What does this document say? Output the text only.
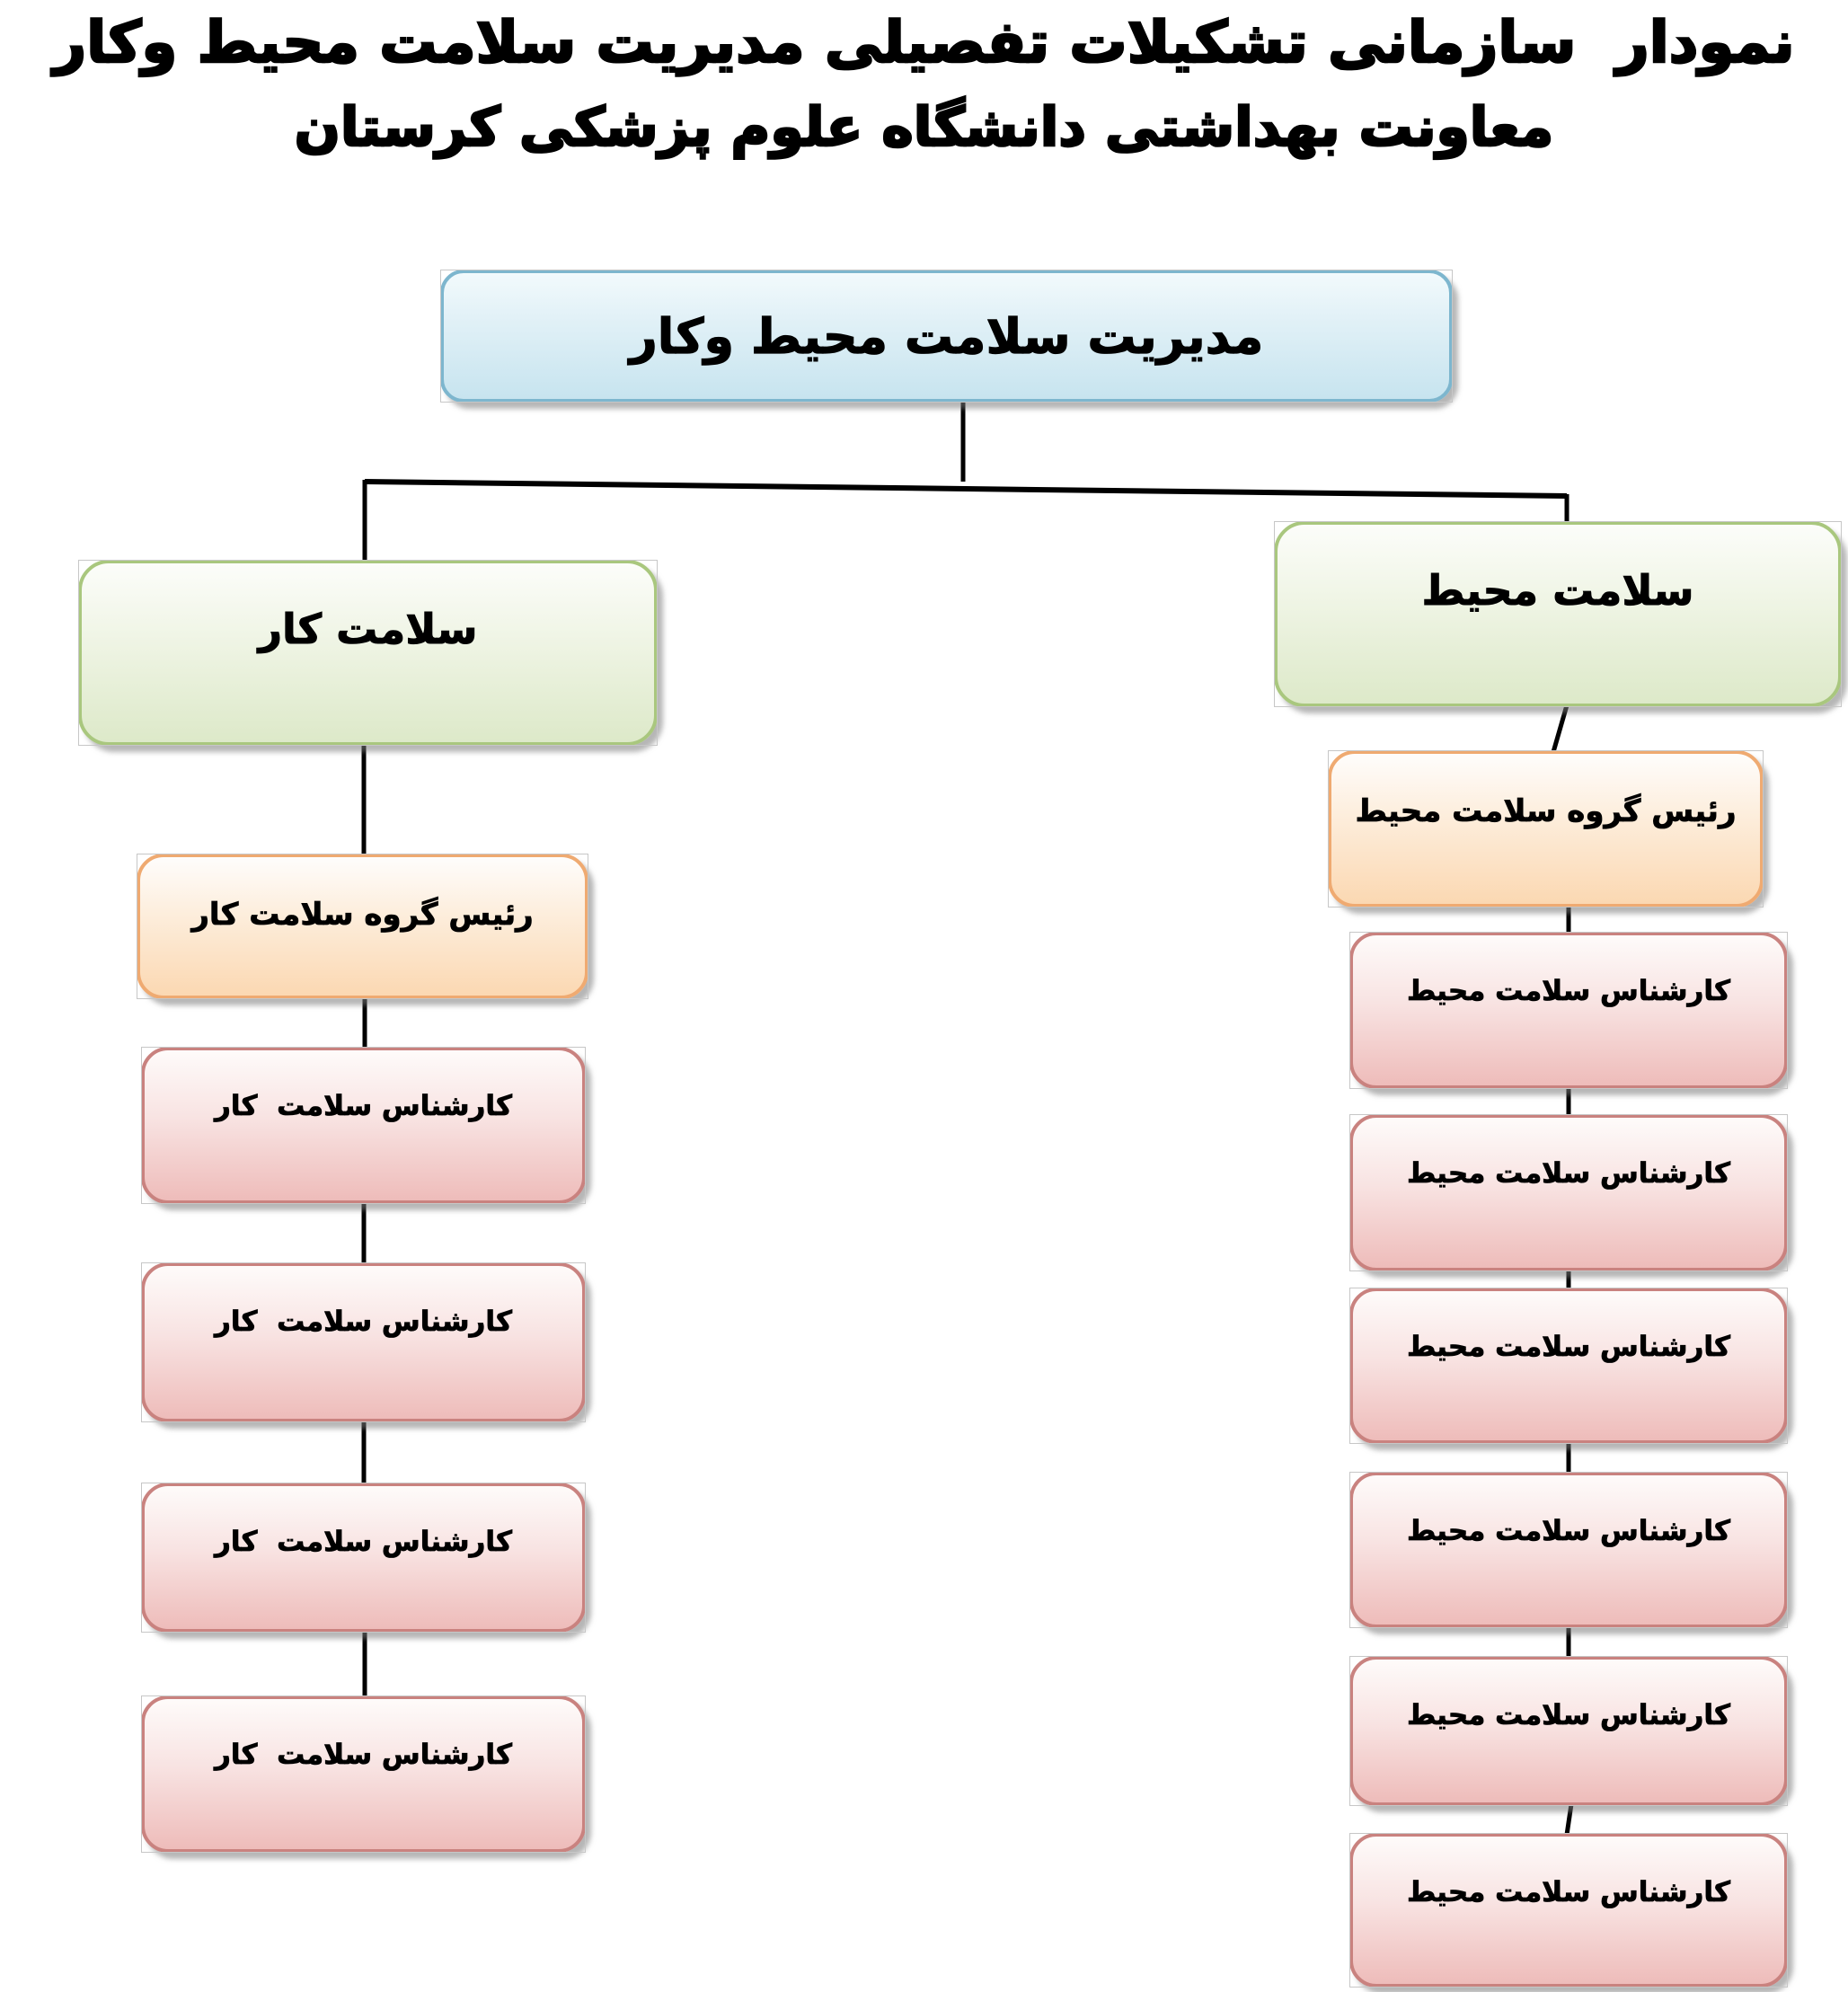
نمودار  سازمانی تشکیلات تفصیلی مدیریت سلامت محیط وکار
معاونت بهداشتی دانشگاه علوم پزشکی کرستان
مدیریت سلامت محیط وکار
سلامت کار
رئیس گروه سلامت کار
کارشناس سلامت  کار
کارشناس سلامت  کار
کارشناس سلامت  کار
کارشناس سلامت  کار
سلامت محیط
رئیس گروه سلامت محیط
کارشناس سلامت محیط
کارشناس سلامت محیط
کارشناس سلامت محیط
کارشناس سلامت محیط
کارشناس سلامت محیط
کارشناس سلامت محیط
